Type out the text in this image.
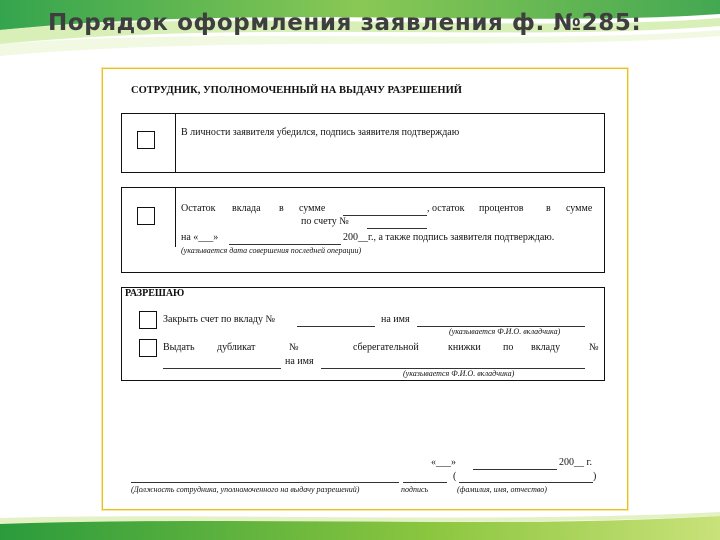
Порядок оформления заявления ф. №285:
СОТРУДНИК, УПОЛНОМОЧЕННЫЙ НА ВЫДАЧУ РАЗРЕШЕНИЙ
В личности заявителя убедился, подпись заявителя подтверждаю
Остаток вклада в сумме	, остаток процентов в сумме
по счету №
на «___»	200__г., а также подпись заявителя подтверждаю.
(указывается дата совершения последней операции)
РАЗРЕШАЮ
Закрыть счет по вкладу №	на имя
(указывается Ф.И.О. вкладчика)
Выдать дубликат	№	сберегательной	книжки по вкладу	№
на имя
(указывается Ф.И.О. вкладчика)
«___»	200__ г.
(	)
(Должность сотрудника, уполномоченного на выдачу разрешений)	подпись	(фамилия, имя, отчество)
